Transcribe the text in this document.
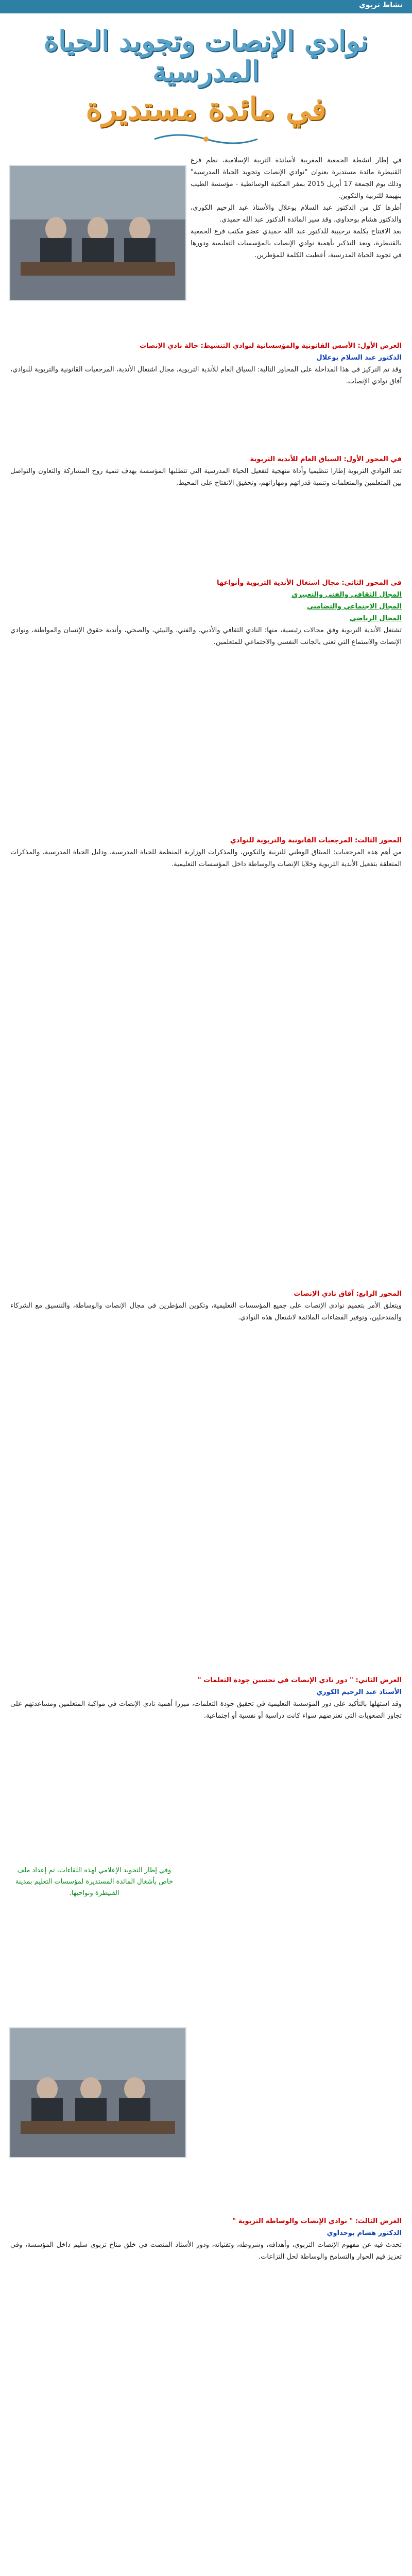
نشاط تربوي
نوادي الإنصات وتجويد الحياة المدرسية
في مائدة مستديرة

في إطار انشطة الجمعية المغربية لأساتذة التربية الإسلامية، نظم فرع القنيطرة مائدة مستديرة بعنوان "نوادي الإنصات وتجويد الحياة المدرسية" وذلك يوم الجمعة 17 أبريل 2015 بمقر المكتبة الوسائطية - مؤسسة الطيب بنهيمة للتربية والتكوين.

أطرها كل من الدكتور عبد السلام بوعلال والأستاذ عبد الرحيم الكوري، والدكتور هشام بوحداوي، وقد سير المائدة الدكتور عبد الله حميدي.

بعد الافتتاح بكلمة ترحيبية للدكتور عبد الله حميدي عضو مكتب فرع الجمعية بالقنيطرة، وبعد التذكير بأهمية نوادي الإنصات بالمؤسسات التعليمية ودورها في تجويد الحياة المدرسية، أعطيت الكلمة للمؤطرين.

العرض الأول: الأسس القانونية والمؤسساتية لنوادي التنشيط: حالة نادي الإنصات

الدكتور عبد السلام بوعلال

وقد تم التركيز في هذا المداخلة على المحاور التالية: السياق العام للأندية التربوية، مجال اشتغال الأندية، المرجعيات القانونية والتربوية للنوادي، آفاق نوادي الإنصات.

في المحور الأول: السياق العام للأندية التربوية

تعد النوادي التربوية إطارا تنظيميا وأداة منهجية لتفعيل الحياة المدرسية التي تتطلبها المؤسسة بهدف تنمية روح المشاركة والتعاون والتواصل بين المتعلمين والمتعلمات وتنمية قدراتهم ومهاراتهم، وتحقيق الانفتاح على المحيط.

في المحور الثاني: مجال اشتغال الأندية التربوية وأنواعها

المجال الثقافي والفني والتعبيري

المجال الاجتماعي والتضامني

المجال الرياضي

تشتغل الأندية التربوية وفق مجالات رئيسية، منها: النادي الثقافي والأدبي، والفني، والبيئي، والصحي، وأندية حقوق الإنسان والمواطنة، ونوادي الإنصات والاستماع التي تعنى بالجانب النفسي والاجتماعي للمتعلمين.

المحور الثالث: المرجعيات القانونية والتربوية للنوادي

من أهم هذه المرجعيات: الميثاق الوطني للتربية والتكوين، والمذكرات الوزارية المنظمة للحياة المدرسية، ودليل الحياة المدرسية، والمذكرات المتعلقة بتفعيل الأندية التربوية وخلايا الإنصات والوساطة داخل المؤسسات التعليمية.

المحور الرابع: آفاق نادي الإنصات

ويتعلق الأمر بتعميم نوادي الإنصات على جميع المؤسسات التعليمية، وتكوين المؤطرين في مجال الإنصات والوساطة، والتنسيق مع الشركاء والمتدخلين، وتوفير الفضاءات الملائمة لاشتغال هذه النوادي.

العرض الثاني: " دور نادي الإنصات في تحسين جودة التعلمات "

الأستاذ عبد الرحيم الكوري

وقد استهلها بالتأكيد على دور المؤسسة التعليمية في تحقيق جودة التعلمات، مبرزا أهمية نادي الإنصات في مواكبة المتعلمين ومساعدتهم على تجاوز الصعوبات التي تعترضهم سواء كانت دراسية أو نفسية أو اجتماعية.

وفي إطار التجويد الإعلامي لهذه اللقاءات، تم إعداد ملف خاص بأشغال المائدة المستديرة لمؤسسات التعليم بمدينة القنيطرة ونواحيها.

العرض الثالث: " نوادي الإنصات والوساطة التربوية "

الدكتور هشام بوحداوي

تحدث فيه عن مفهوم الإنصات التربوي، وأهدافه، وشروطه، وتقنياته، ودور الأستاذ المنصت في خلق مناخ تربوي سليم داخل المؤسسة، وفي تعزيز قيم الحوار والتسامح والوساطة لحل النزاعات.
